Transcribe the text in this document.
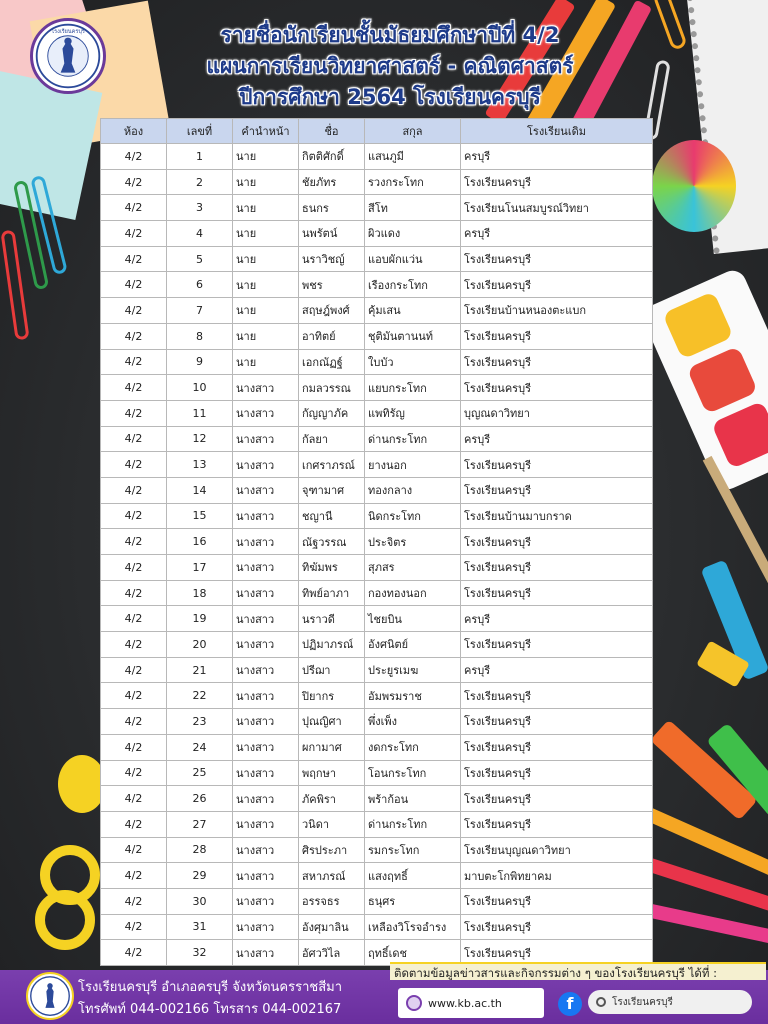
โรงเรียนครบุรี	รายชื่อนักเรียนชั้นมัธยมศึกษาปีที่ 4/2
แผนการเรียนวิทยาศาสตร์ - คณิตศาสตร์
ปีการศึกษา 2564 โรงเรียนครบุรี
ห้อง	เลขที่	คำนำหน้า	ชื่อ	สกุล	โรงเรียนเดิม
4/2	1	นาย	กิตติศักดิ์	แสนภูมี	ครบุรี
4/2	2	นาย	ชัยภัทร	รวงกระโทก	โรงเรียนครบุรี
4/2	3	นาย	ธนกร	สีโท	โรงเรียนโนนสมบูรณ์วิทยา
4/2	4	นาย	นพรัตน์	ผิวแดง	ครบุรี
4/2	5	นาย	นราวิชญ์	แอบผักแว่น	โรงเรียนครบุรี
4/2	6	นาย	พชร	เรืองกระโทก	โรงเรียนครบุรี
4/2	7	นาย	สฤษฎ์พงศ์	คุ้มเสน	โรงเรียนบ้านหนองตะแบก
4/2	8	นาย	อาทิตย์	ชุติมันตานนท์	โรงเรียนครบุรี
4/2	9	นาย	เอกณัฏฐ์	ใบบัว	โรงเรียนครบุรี
4/2	10	นางสาว	กมลวรรณ	แยบกระโทก	โรงเรียนครบุรี
4/2	11	นางสาว	กัญญาภัค	แพทิรัญ	บุญณดาวิทยา
4/2	12	นางสาว	กัลยา	ด่านกระโทก	ครบุรี
4/2	13	นางสาว	เกศราภรณ์	ยางนอก	โรงเรียนครบุรี
4/2	14	นางสาว	จุฑามาศ	ทองกลาง	โรงเรียนครบุรี
4/2	15	นางสาว	ชญานี	นิดกระโทก	โรงเรียนบ้านมาบกราด
4/2	16	นางสาว	ณัฐวรรณ	ประจิตร	โรงเรียนครบุรี
4/2	17	นางสาว	ทิฆัมพร	สุภสร	โรงเรียนครบุรี
4/2	18	นางสาว	ทิพย์อาภา	กองทองนอก	โรงเรียนครบุรี
4/2	19	นางสาว	นราวดี	ไชยบิน	ครบุรี
4/2	20	นางสาว	ปฏิมาภรณ์	อังศนิตย์	โรงเรียนครบุรี
4/2	21	นางสาว	ปรีฌา	ประยูรเมฆ	ครบุรี
4/2	22	นางสาว	ปิยากร	อัมพรมราช	โรงเรียนครบุรี
4/2	23	นางสาว	ปุณญิศา	พึ่งเพ็ง	โรงเรียนครบุรี
4/2	24	นางสาว	ผกามาศ	งดกระโทก	โรงเรียนครบุรี
4/2	25	นางสาว	พฤกษา	โอนกระโทก	โรงเรียนครบุรี
4/2	26	นางสาว	ภัคพิรา	พร้าก้อน	โรงเรียนครบุรี
4/2	27	นางสาว	วนิดา	ด่านกระโทก	โรงเรียนครบุรี
4/2	28	นางสาว	ศิรประภา	รมกระโทก	โรงเรียนบุญณดาวิทยา
4/2	29	นางสาว	สหาภรณ์	แสงฤทธิ์	มาบตะโกพิทยาคม
4/2	30	นางสาว	อรรจธร	ธนุศร	โรงเรียนครบุรี
4/2	31	นางสาว	อังศุมาลิน	เหลืองวิโรจอำรง	โรงเรียนครบุรี
4/2	32	นางสาว	อัศววิไล	ฤทธิ์เดช	โรงเรียนครบุรี
โรงเรียนครบุรี อำเภอครบุรี จังหวัดนครราชสีมา
โทรศัพท์ 044-002166 โทรสาร 044-002167
ติดตามข้อมูลข่าวสารและกิจกรรมต่าง ๆ ของโรงเรียนครบุรี ได้ที่ :
www.kb.ac.th	f	โรงเรียนครบุรี
